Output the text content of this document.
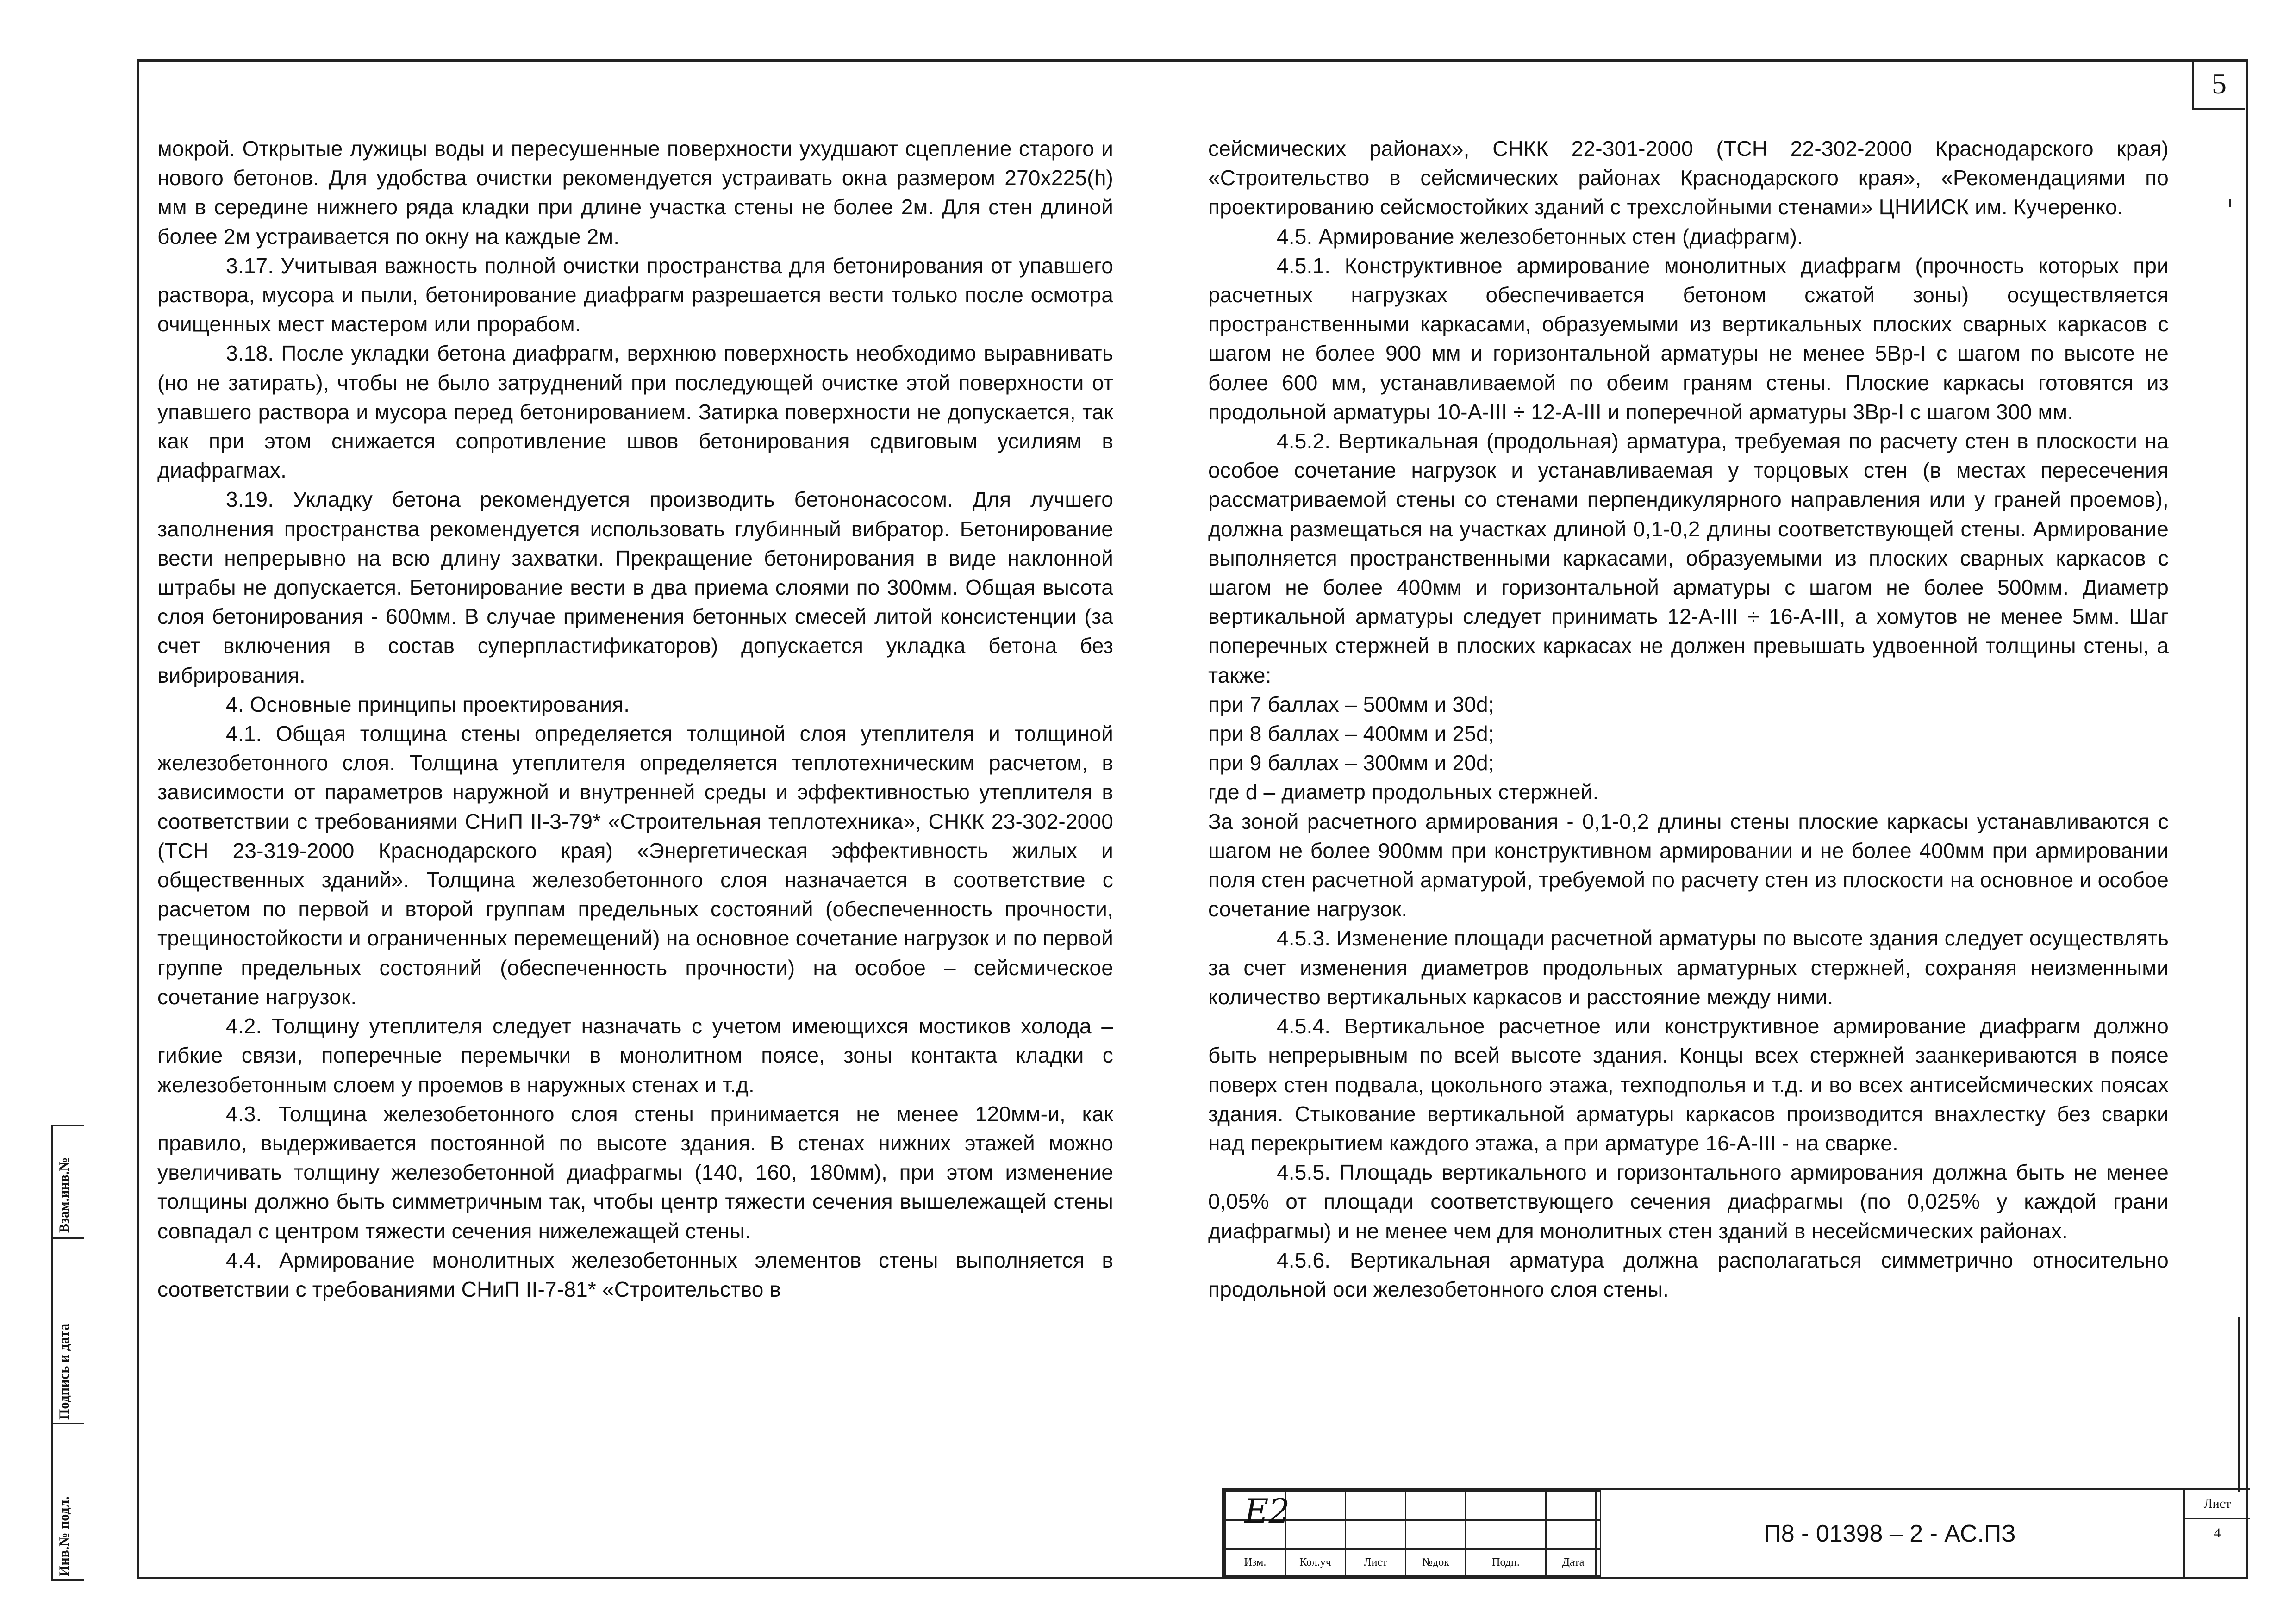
5

мокрой. Открытые лужицы воды и пересушенные поверхности ухудшают сцепление старого и нового бетонов. Для удобства очистки рекомендуется устраивать окна размером 270х225(h) мм в середине нижнего ряда кладки при длине участка стены не более 2м. Для стен длиной более 2м устраивается по окну на каждые 2м.

3.17. Учитывая важность полной очистки пространства для бетонирования от упавшего раствора, мусора и пыли, бетонирование диафрагм разрешается вести только после осмотра очищенных мест мастером или прорабом.

3.18. После укладки бетона диафрагм, верхнюю поверхность необходимо выравнивать (но не затирать), чтобы не было затруднений при последующей очистке этой поверхности от упавшего раствора и мусора перед бетонированием. Затирка поверхности не допускается, так как при этом снижается сопротивление швов бетонирования сдвиговым усилиям в диафрагмах.

3.19. Укладку бетона рекомендуется производить бетононасосом. Для лучшего заполнения пространства рекомендуется использовать глубинный вибратор. Бетонирование вести непрерывно на всю длину захватки. Прекращение бетонирования в виде наклонной штрабы не допускается. Бетонирование вести в два приема слоями по 300мм. Общая высота слоя бетонирования - 600мм. В случае применения бетонных смесей литой консистенции (за счет включения в состав суперпластификаторов) допускается укладка бетона без вибрирования.

4. Основные принципы проектирования.

4.1. Общая толщина стены определяется толщиной слоя утеплителя и толщиной железобетонного слоя. Толщина утеплителя определяется теплотехническим расчетом, в зависимости от параметров наружной и внутренней среды и эффективностью утеплителя в соответствии с требованиями СНиП II-3-79* «Строительная теплотехника», СНКК 23-302-2000 (ТСН 23-319-2000 Краснодарского края) «Энергетическая эффективность жилых и общественных зданий». Толщина железобетонного слоя назначается в соответствие с расчетом по первой и второй группам предельных состояний (обеспеченность прочности, трещиностойкости и ограниченных перемещений) на основное сочетание нагрузок и по первой группе предельных состояний (обеспеченность прочности) на особое – сейсмическое сочетание нагрузок.

4.2. Толщину утеплителя следует назначать с учетом имеющихся мостиков холода – гибкие связи, поперечные перемычки в монолитном поясе, зоны контакта кладки с железобетонным слоем у проемов в наружных стенах и т.д.

4.3. Толщина железобетонного слоя стены принимается не менее 120мм-и, как правило, выдерживается постоянной по высоте здания. В стенах нижних этажей можно увеличивать толщину железобетонной диафрагмы (140, 160, 180мм), при этом изменение толщины должно быть симметричным так, чтобы центр тяжести сечения вышележащей стены совпадал с центром тяжести сечения нижележащей стены.

4.4. Армирование монолитных железобетонных элементов стены выполняется в соответствии с требованиями СНиП II-7-81* «Строительство в

сейсмических районах», СНКК 22-301-2000 (ТСН 22-302-2000 Краснодарского края) «Строительство в сейсмических районах Краснодарского края», «Рекомендациями по проектированию сейсмостойких зданий с трехслойными стенами» ЦНИИСК им. Кучеренко.

4.5. Армирование железобетонных стен (диафрагм).

4.5.1. Конструктивное армирование монолитных диафрагм (прочность которых при расчетных нагрузках обеспечивается бетоном сжатой зоны) осуществляется пространственными каркасами, образуемыми из вертикальных плоских сварных каркасов с шагом не более 900 мм и горизонтальной арматуры не менее 5Вр-I с шагом по высоте не более 600 мм, устанавливаемой по обеим граням стены. Плоские каркасы готовятся из продольной арматуры 10-А-III ÷ 12-А-III и поперечной арматуры 3Вр-I с шагом 300 мм.

4.5.2. Вертикальная (продольная) арматура, требуемая по расчету стен в плоскости на особое сочетание нагрузок и устанавливаемая у торцовых стен (в местах пересечения рассматриваемой стены со стенами перпендикулярного направления или у граней проемов), должна размещаться на участках длиной 0,1-0,2 длины соответствующей стены. Армирование выполняется пространственными каркасами, образуемыми из плоских сварных каркасов с шагом не более 400мм и горизонтальной арматуры с шагом не более 500мм. Диаметр вертикальной арматуры следует принимать 12-А-III ÷ 16-А-III, а хомутов не менее 5мм. Шаг поперечных стержней в плоских каркасах не должен превышать удвоенной толщины стены, а также:

при 7 баллах – 500мм и 30d;

при 8 баллах – 400мм и 25d;

при 9 баллах – 300мм и 20d;

где d – диаметр продольных стержней.

За зоной расчетного армирования - 0,1-0,2 длины стены плоские каркасы устанавливаются с шагом не более 900мм при конструктивном армировании и не более 400мм при армировании поля стен расчетной арматурой, требуемой по расчету стен из плоскости на основное и особое сочетание нагрузок.

4.5.3. Изменение площади расчетной арматуры по высоте здания следует осуществлять за счет изменения диаметров продольных арматурных стержней, сохраняя неизменными количество вертикальных каркасов и расстояние между ними.

4.5.4. Вертикальное расчетное или конструктивное армирование диафрагм должно быть непрерывным по всей высоте здания. Концы всех стержней заанкериваются в поясе поверх стен подвала, цокольного этажа, техподполья и т.д. и во всех антисейсмических поясах здания. Стыкование вертикальной арматуры каркасов производится внахлестку без сварки над перекрытием каждого этажа, а при арматуре 16-А-III - на сварке.

4.5.5. Площадь вертикального и горизонтального армирования должна быть не менее 0,05% от площади соответствующего сечения диафрагмы (по 0,025% у каждой грани диафрагмы) и не менее чем для монолитных стен зданий в несейсмических районах.

4.5.6. Вертикальная арматура должна располагаться симметрично относительно продольной оси железобетонного слоя стены.

Взам.инв.№
Подпись и дата
Инв.№ подл.	Е2					

Изм.	Кол.уч	Лист	№док	Подп.	Дата
П8 - 01398 – 2 - АС.ПЗ
Лист
4
